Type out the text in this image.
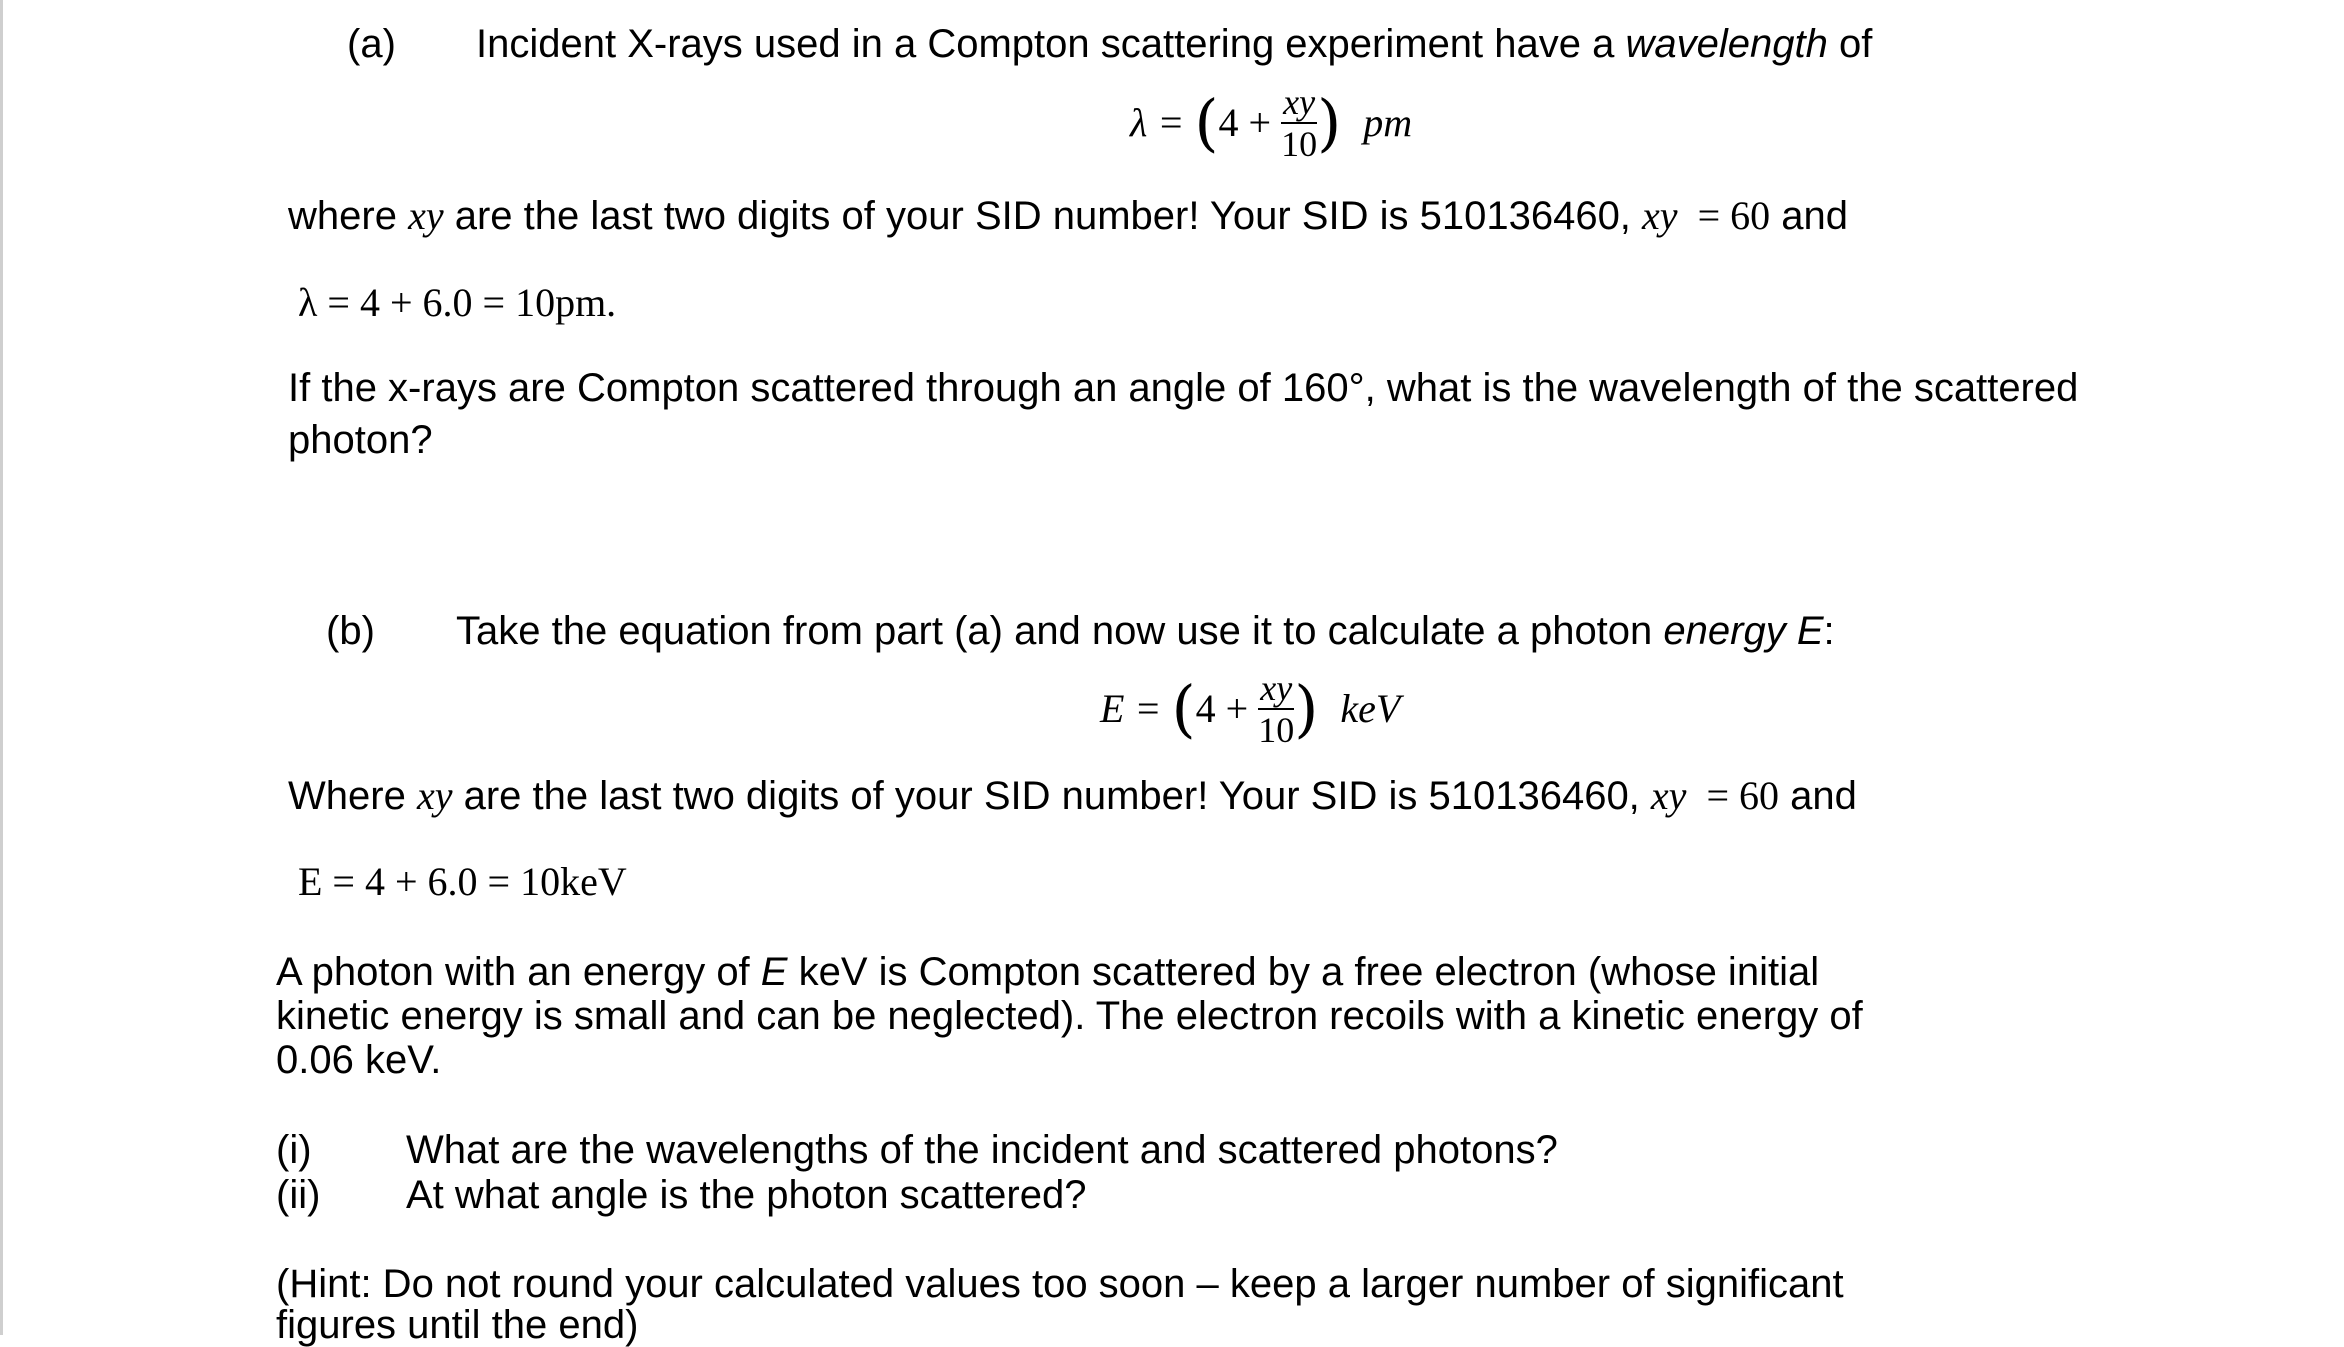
(a) Incident X-rays used in a Compton scattering experiment have a wavelength of
$\lambda = (4 + \frac{xy}{10}$ ) pm
where xy are the last two digits of your SID number! Your SID is 510136460, xy = 60 and
λ = 4 + 6.0 = 10pm.
If the x-rays are Compton scattered through an angle of 160°, what is the wavelength of the scattered
photon?
(b) Take the equation from part (a) and now use it to calculate a photon energy E:
$E = (4 + \frac{xy}{10}$ ) keV
Where xy are the last two digits of your SID number! Your SID is 510136460, xy = 60 and
E = 4 + 6.0 = 10keV
A photon with an energy of E keV is Compton scattered by a free electron (whose initial
kinetic energy is small and can be neglected). The electron recoils with a kinetic energy of
0.06 keV.
(i) What are the wavelengths of the incident and scattered photons?
(ii) At what angle is the photon scattered?
(Hint: Do not round your calculated values too soon – keep a larger number of significant
figures until the end)
